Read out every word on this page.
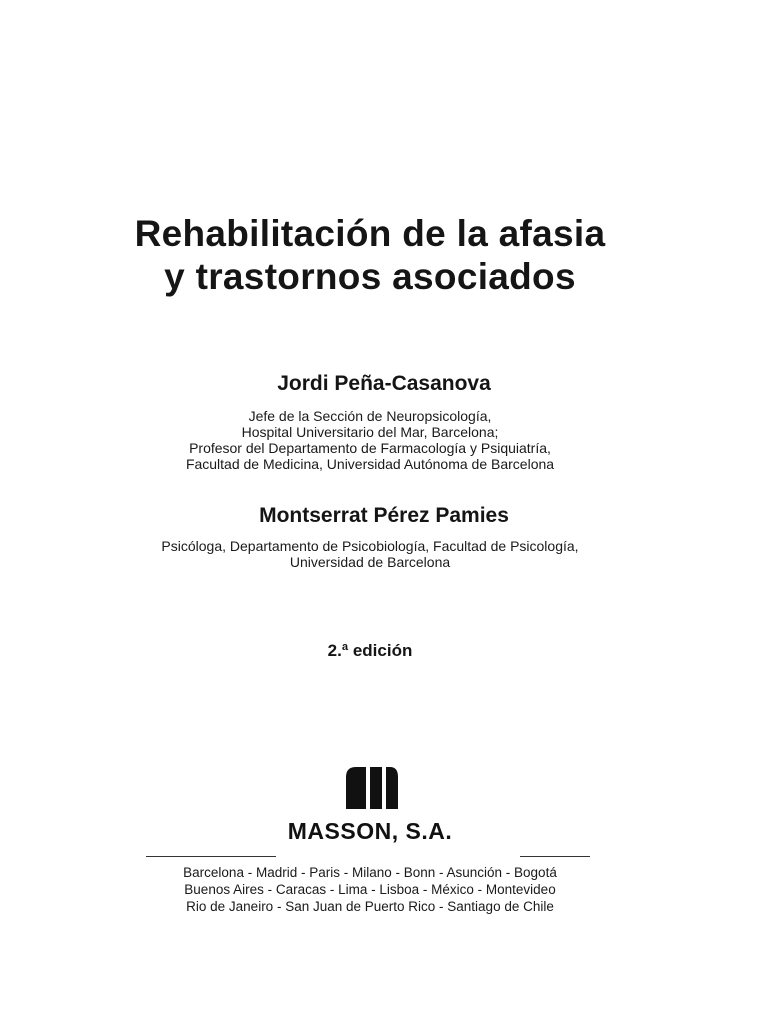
Rehabilitación de la afasia
y trastornos asociados
Jordi Peña-Casanova
Jefe de la Sección de Neuropsicología,
Hospital Universitario del Mar, Barcelona;
Profesor del Departamento de Farmacología y Psiquiatría,
Facultad de Medicina, Universidad Autónoma de Barcelona
Montserrat Pérez Pamies
Psicóloga, Departamento de Psicobiología, Facultad de Psicología,
Universidad de Barcelona
2.ª edición
MASSON, S.A.
Barcelona - Madrid - Paris - Milano - Bonn - Asunción - Bogotá
Buenos Aires - Caracas - Lima - Lisboa - México - Montevideo
Rio de Janeiro - San Juan de Puerto Rico - Santiago de Chile
